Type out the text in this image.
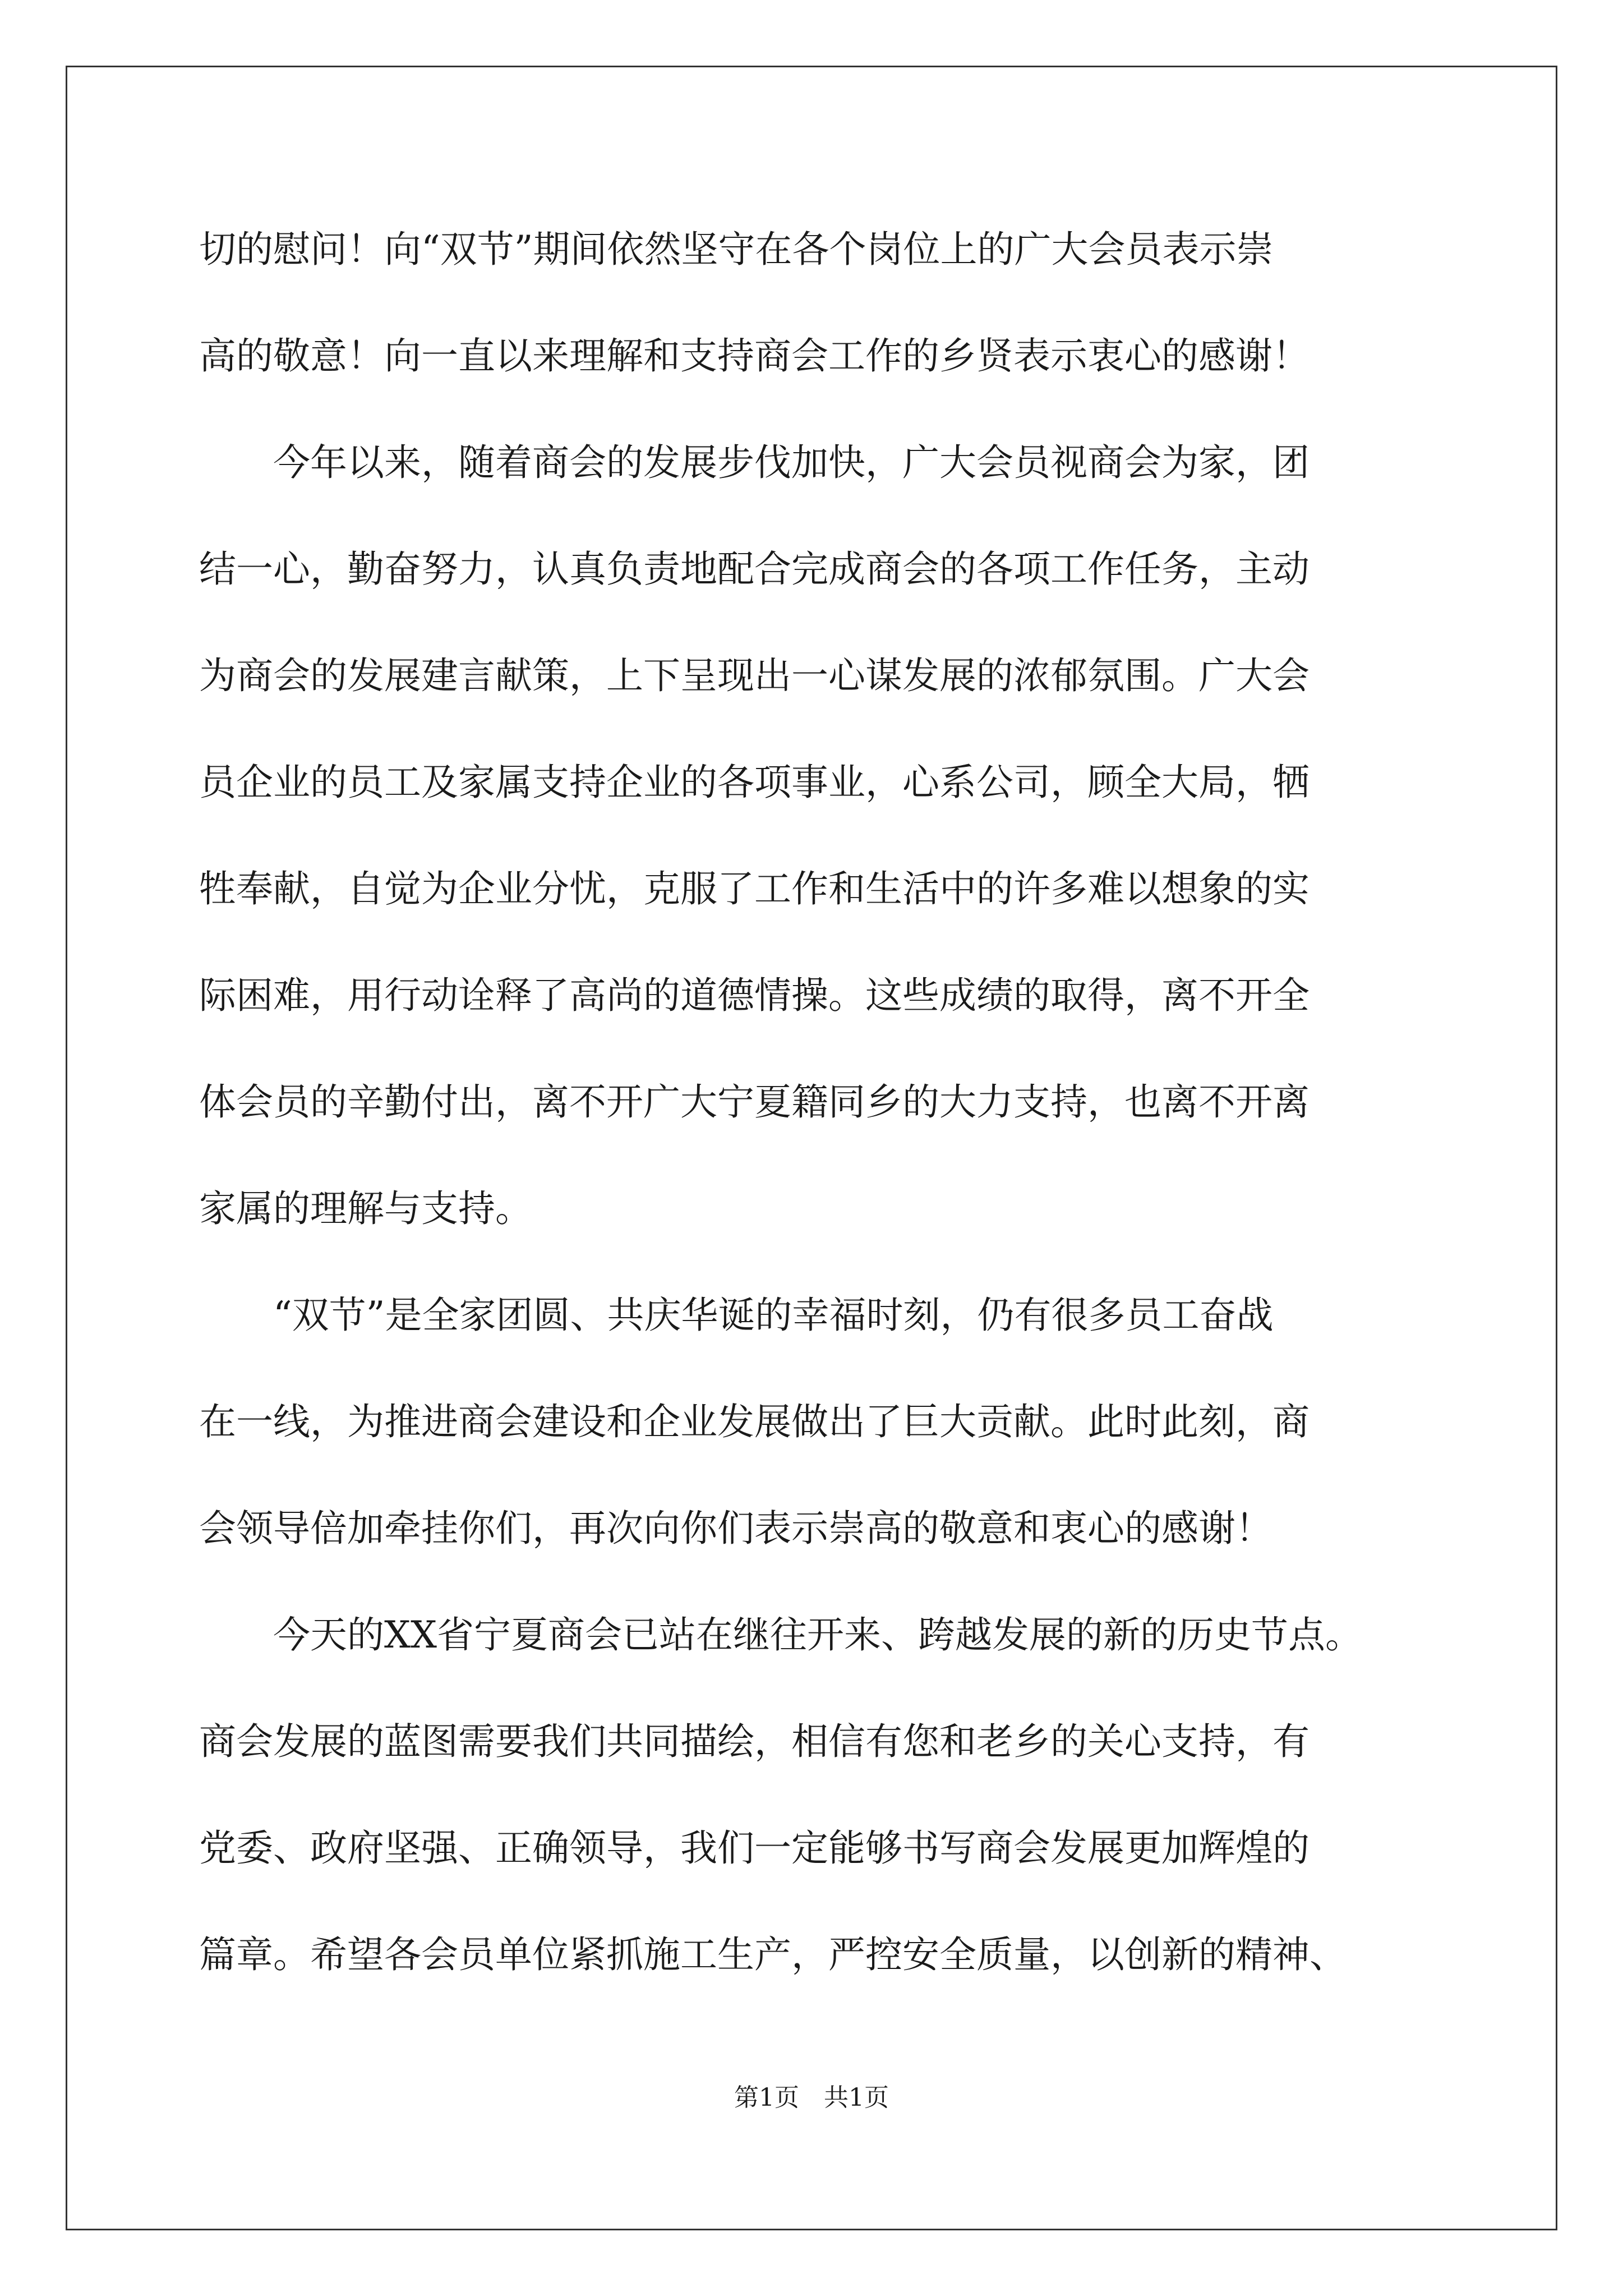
切的慰问！向“双节”期间依然坚守在各个岗位上的广大会员表示崇
高的敬意！向一直以来理解和支持商会工作的乡贤表示衷心的感谢！
　　今年以来，随着商会的发展步伐加快，广大会员视商会为家，团
结一心，勤奋努力，认真负责地配合完成商会的各项工作任务，主动
为商会的发展建言献策，上下呈现出一心谋发展的浓郁氛围。广大会
员企业的员工及家属支持企业的各项事业，心系公司，顾全大局，牺
牲奉献，自觉为企业分忧，克服了工作和生活中的许多难以想象的实
际困难，用行动诠释了高尚的道德情操。这些成绩的取得，离不开全
体会员的辛勤付出，离不开广大宁夏籍同乡的大力支持，也离不开离
家属的理解与支持。
　　“双节”是全家团圆、共庆华诞的幸福时刻，仍有很多员工奋战
在一线，为推进商会建设和企业发展做出了巨大贡献。此时此刻，商
会领导倍加牵挂你们，再次向你们表示崇高的敬意和衷心的感谢！
　　今天的XX省宁夏商会已站在继往开来、跨越发展的新的历史节点。
商会发展的蓝图需要我们共同描绘，相信有您和老乡的关心支持，有
党委、政府坚强、正确领导，我们一定能够书写商会发展更加辉煌的
篇章。希望各会员单位紧抓施工生产，严控安全质量，以创新的精神、
第1页　共1页
